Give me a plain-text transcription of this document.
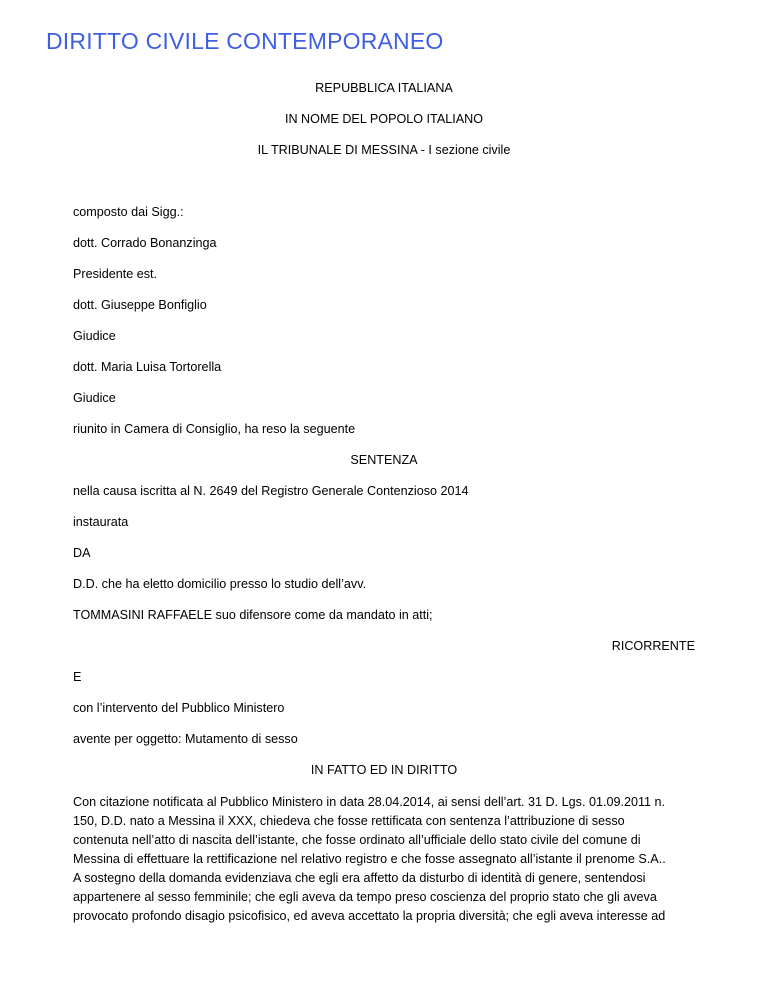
DIRITTO CIVILE CONTEMPORANEO
REPUBBLICA ITALIANA
IN NOME DEL POPOLO ITALIANO
IL TRIBUNALE DI MESSINA - I sezione civile
composto dai Sigg.:
dott. Corrado Bonanzinga
Presidente est.
dott. Giuseppe Bonfiglio
Giudice
dott. Maria Luisa Tortorella
Giudice
riunito in Camera di Consiglio, ha reso la seguente
SENTENZA
nella causa iscritta al N. 2649 del Registro Generale Contenzioso 2014
instaurata
DA
D.D. che ha eletto domicilio presso lo studio dell’avv.
TOMMASINI RAFFAELE suo difensore come da mandato in atti;
RICORRENTE
E
con l’intervento del Pubblico Ministero
avente per oggetto: Mutamento di sesso
IN FATTO ED IN DIRITTO
Con citazione notificata al Pubblico Ministero in data 28.04.2014, ai sensi dell’art. 31 D. Lgs. 01.09.2011 n.
150, D.D. nato a Messina il XXX, chiedeva che fosse rettificata con sentenza l’attribuzione di sesso
contenuta nell’atto di nascita dell’istante, che fosse ordinato all’ufficiale dello stato civile del comune di
Messina di effettuare la rettificazione nel relativo registro e che fosse assegnato all’istante il prenome S.A..
A sostegno della domanda evidenziava che egli era affetto da disturbo di identità di genere, sentendosi
appartenere al sesso femminile; che egli aveva da tempo preso coscienza del proprio stato che gli aveva
provocato profondo disagio psicofisico, ed aveva accettato la propria diversità; che egli aveva interesse ad
